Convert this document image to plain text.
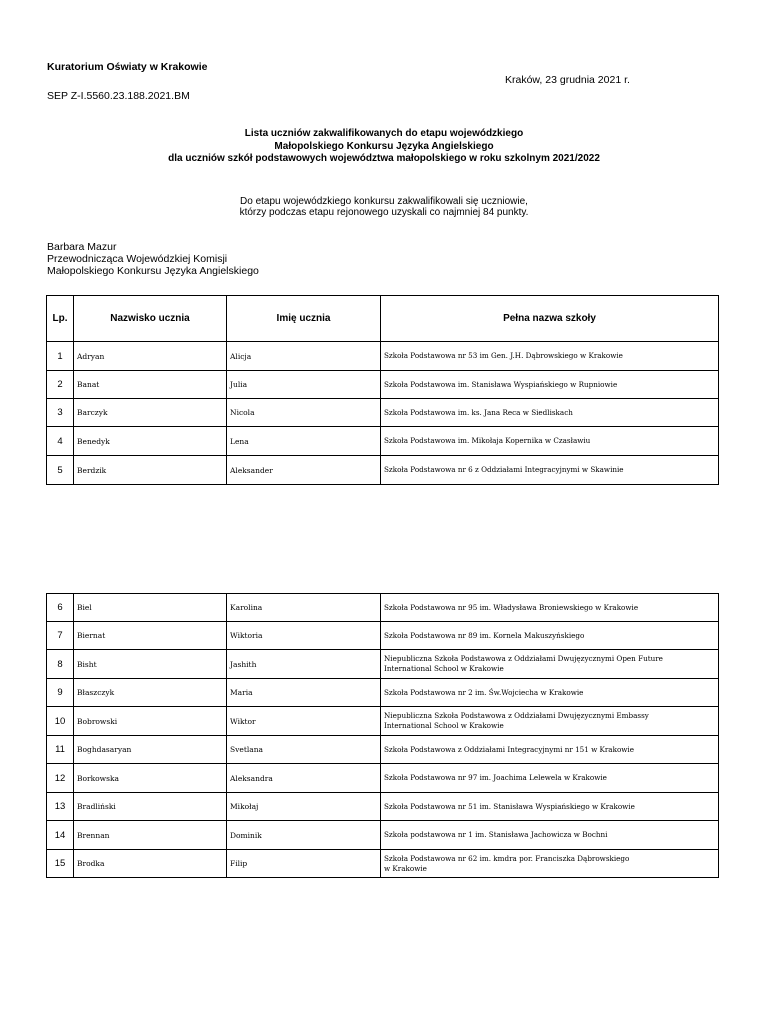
Kuratorium Oświaty w Krakowie
Kraków, 23 grudnia 2021 r.
SEP Z-I.5560.23.188.2021.BM
Lista uczniów zakwalifikowanych do etapu wojewódzkiego
Małopolskiego Konkursu Języka Angielskiego
dla uczniów szkół podstawowych województwa małopolskiego w roku szkolnym 2021/2022
Do etapu wojewódzkiego konkursu zakwalifikowali się uczniowie,
którzy podczas etapu rejonowego uzyskali co najmniej 84 punkty.
Barbara Mazur
Przewodnicząca Wojewódzkiej Komisji
Małopolskiego Konkursu Języka Angielskiego
Lp.	Nazwisko ucznia	Imię ucznia	Pełna nazwa szkoły
1	Adryan	Alicja	Szkoła Podstawowa nr 53 im Gen. J.H. Dąbrowskiego w Krakowie

2	Banat	Julia	Szkoła Podstawowa im. Stanisława Wyspiańskiego w Rupniowie

3	Barczyk	Nicola	Szkoła Podstawowa im. ks. Jana Reca w Siedliskach

4	Benedyk	Lena	Szkoła Podstawowa im. Mikołaja Kopernika w Czasławiu

5	Berdzik	Aleksander	Szkoła Podstawowa nr 6 z Oddziałami Integracyjnymi w Skawinie
6	Biel	Karolina	Szkoła Podstawowa nr 95 im. Władysława Broniewskiego w Krakowie

7	Biernat	Wiktoria	Szkoła Podstawowa nr 89 im. Kornela Makuszyńskiego

8	Bisht	Jashith	Niepubliczna Szkoła Podstawowa z Oddziałami Dwujęzycznymi Open Future
International School w Krakowie

9	Błaszczyk	Maria	Szkoła Podstawowa nr 2 im. Św.Wojciecha w Krakowie

10	Bobrowski	Wiktor	Niepubliczna Szkoła Podstawowa z Oddziałami Dwujęzycznymi Embassy
International School w Krakowie

11	Boghdasaryan	Svetlana	Szkoła Podstawowa z Oddziałami Integracyjnymi nr 151 w Krakowie

12	Borkowska	Aleksandra	Szkoła Podstawowa nr 97 im. Joachima Lelewela w Krakowie

13	Bradliński	Mikołaj	Szkoła Podstawowa nr 51 im. Stanisława Wyspiańskiego w Krakowie

14	Brennan	Dominik	Szkoła podstawowa nr 1 im. Stanisława Jachowicza w Bochni

15	Brodka	Filip	Szkoła Podstawowa nr 62 im. kmdra por. Franciszka Dąbrowskiego
w Krakowie
